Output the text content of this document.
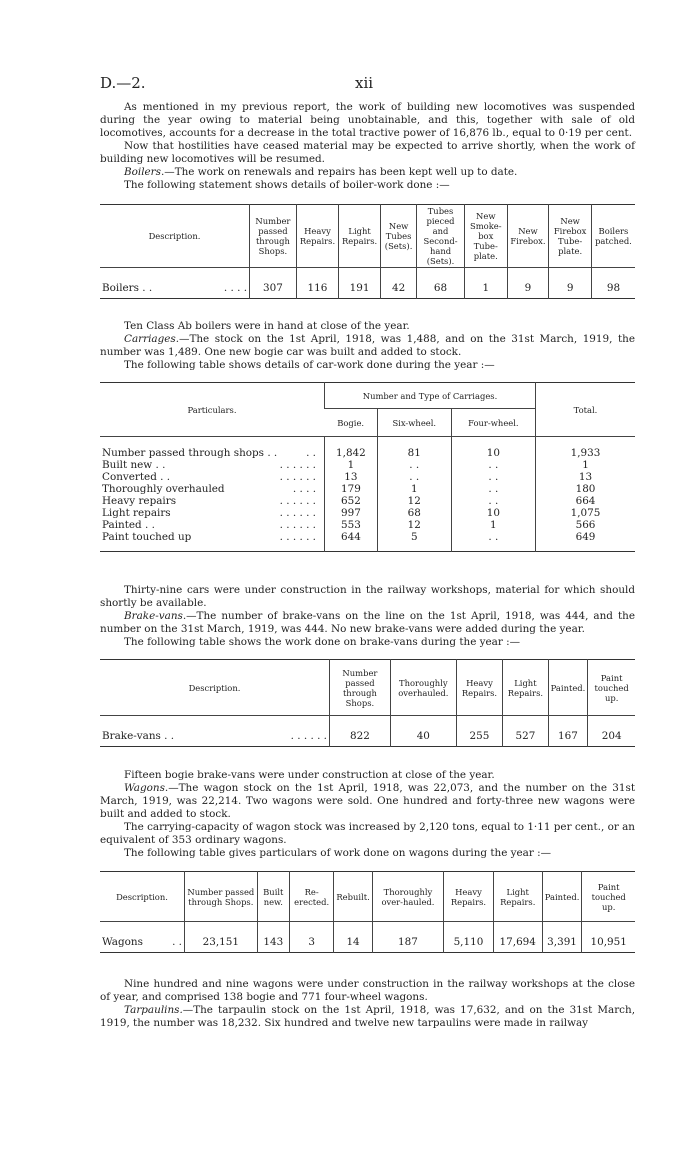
D.—2.	xii

As mentioned in my previous report, the work of building new locomotives was suspended during the year owing to material being unobtainable, and this, together with sale of old locomotives, accounts for a decrease in the total tractive power of 16,876 lb., equal to 0·19 per cent.

Now that hostilities have ceased material may be expected to arrive shortly, when the work of building new locomotives will be resumed.

Boilers.—The work on renewals and repairs has been kept well up to date.

The following statement shows details of boiler-work done :—

Description.	Number passed through Shops.	Heavy Repairs.	Light Repairs.	New Tubes (Sets).	Tubes pieced and Second-hand (Sets).	New Smoke-box Tube-plate.	New Firebox.	New Firebox Tube-plate.	Boilers patched.

Boilers . . . . . .	307	116	191	42	68	1	9	9	98

Ten Class Ab boilers were in hand at close of the year.

Carriages.—The stock on the 1st April, 1918, was 1,488, and on the 31st March, 1919, the number was 1,489. One new bogie car was built and added to stock.

The following table shows details of car-work done during the year :—

Particulars.	Number and Type of Carriages.			Total.
	Bogie.	Six-wheel.	Four-wheel.	

Number passed through shops . . . .	1,842	81	10	1,933
Built new . . . . . . . .	1	. .	. .	1
Converted . . . . . . . .	13	. .	. .	13
Thoroughly overhauled . . . .	179	1	. .	180
Heavy repairs . . . . . .	652	12	. .	664
Light repairs . . . . . .	997	68	10	1,075
Painted . . . . . . . .	553	12	1	566
Paint touched up . . . . . .	644	5	. .	649

Thirty-nine cars were under construction in the railway workshops, material for which should shortly be available.

Brake-vans.—The number of brake-vans on the line on the 1st April, 1918, was 444, and the number on the 31st March, 1919, was 444. No new brake-vans were added during the year.

The following table shows the work done on brake-vans during the year :—

Description.	Number passed through Shops.	Thoroughly overhauled.	Heavy Repairs.	Light Repairs.	Painted.	Paint touched up.

Brake-vans . . . . . . . .	822	40	255	527	167	204

Fifteen bogie brake-vans were under construction at close of the year.

Wagons.—The wagon stock on the 1st April, 1918, was 22,073, and the number on the 31st March, 1919, was 22,214. Two wagons were sold. One hundred and forty-three new wagons were built and added to stock.

The carrying-capacity of wagon stock was increased by 2,120 tons, equal to 1·11 per cent., or an equivalent of 353 ordinary wagons.

The following table gives particulars of work done on wagons during the year :—

Description.	Number passed through Shops.	Built new.	Re-erected.	Rebuilt.	Thoroughly over-hauled.	Heavy Repairs.	Light Repairs.	Painted.	Paint touched up.

Wagons . .	23,151	143	3	14	187	5,110	17,694	3,391	10,951

Nine hundred and nine wagons were under construction in the railway workshops at the close of year, and comprised 138 bogie and 771 four-wheel wagons.

Tarpaulins.—The tarpaulin stock on the 1st April, 1918, was 17,632, and on the 31st March, 1919, the number was 18,232. Six hundred and twelve new tarpaulins were made in railway
